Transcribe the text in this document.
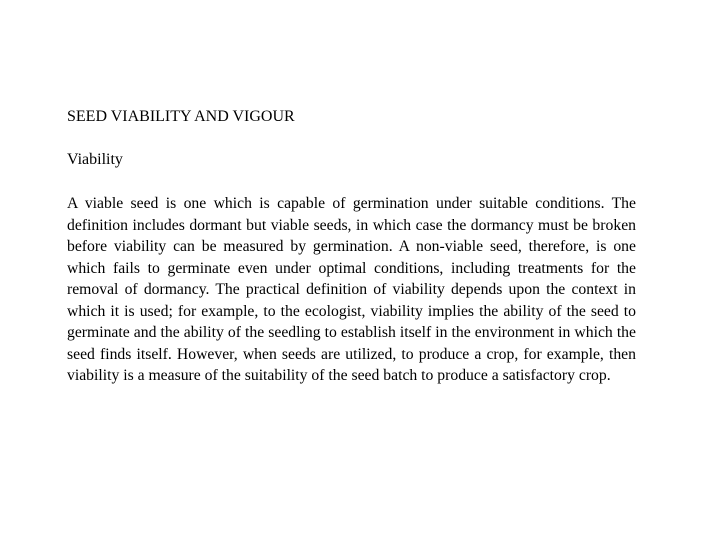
SEED VIABILITY AND VIGOUR
Viability

A viable seed is one which is capable of germination under suitable conditions. The definition includes dormant but viable seeds, in which case the dormancy must be broken before viability can be measured by germination. A non-viable seed, therefore, is one which fails to germinate even under optimal conditions, including treatments for the removal of dormancy. The practical definition of viability depends upon the context in which it is used; for example, to the ecologist, viability implies the ability of the seed to germinate and the ability of the seedling to establish itself in the environment in which the seed finds itself. However, when seeds are utilized, to produce a crop, for example, then viability is a measure of the suitability of the seed batch to produce a satisfactory crop.
